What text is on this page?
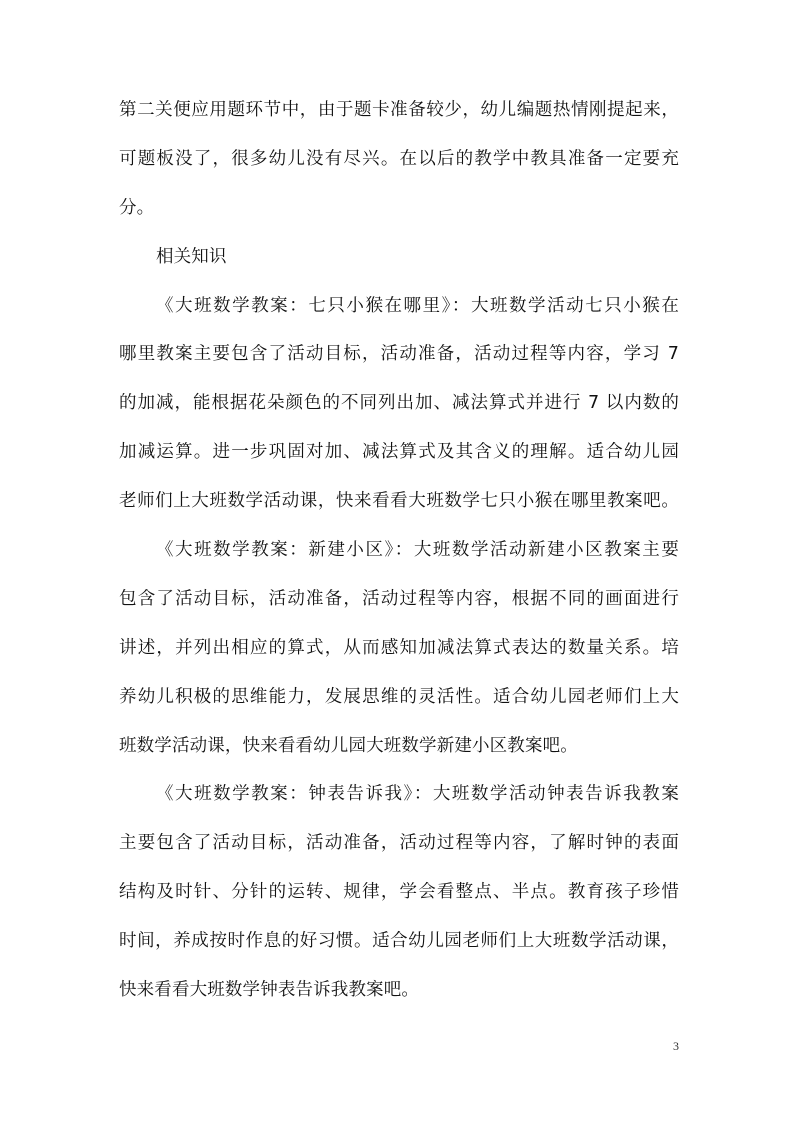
第二关便应用题环节中，由于题卡准备较少，幼儿编题热情刚提起来，
可题板没了，很多幼儿没有尽兴。在以后的教学中教具准备一定要充
分。
相关知识
《大班数学教案：七只小猴在哪里》：大班数学活动七只小猴在
哪里教案主要包含了活动目标，活动准备，活动过程等内容，学习 7
的加减，能根据花朵颜色的不同列出加、减法算式并进行 7 以内数的
加减运算。进一步巩固对加、减法算式及其含义的理解。适合幼儿园
老师们上大班数学活动课，快来看看大班数学七只小猴在哪里教案吧。
《大班数学教案：新建小区》：大班数学活动新建小区教案主要
包含了活动目标，活动准备，活动过程等内容，根据不同的画面进行
讲述，并列出相应的算式，从而感知加减法算式表达的数量关系。培
养幼儿积极的思维能力，发展思维的灵活性。适合幼儿园老师们上大
班数学活动课，快来看看幼儿园大班数学新建小区教案吧。
《大班数学教案：钟表告诉我》：大班数学活动钟表告诉我教案
主要包含了活动目标，活动准备，活动过程等内容，了解时钟的表面
结构及时针、分针的运转、规律，学会看整点、半点。教育孩子珍惜
时间，养成按时作息的好习惯。适合幼儿园老师们上大班数学活动课，
快来看看大班数学钟表告诉我教案吧。
3
